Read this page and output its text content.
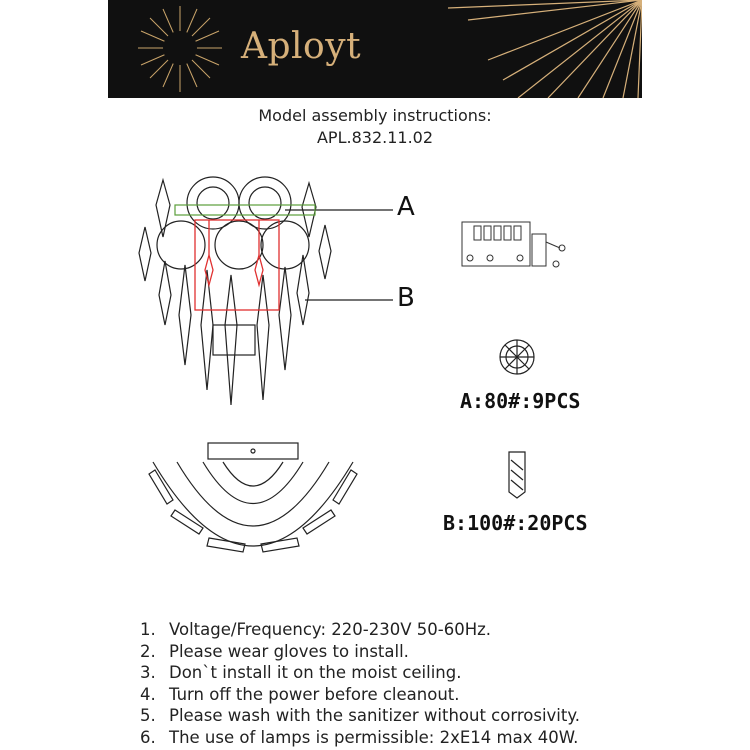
Aployt
Model assembly instructions:
APL.832.11.02
A
B
A:80#:9PCS
B:100#:20PCS
1. Voltage/Frequency: 220-230V 50-60Hz.
2. Please wear gloves to install.
3. Don`t install it on the moist ceiling.
4. Turn off the power before cleanout.
5. Please wash with the sanitizer without corrosivity.
6. The use of lamps is permissible: 2xE14 max 40W.
